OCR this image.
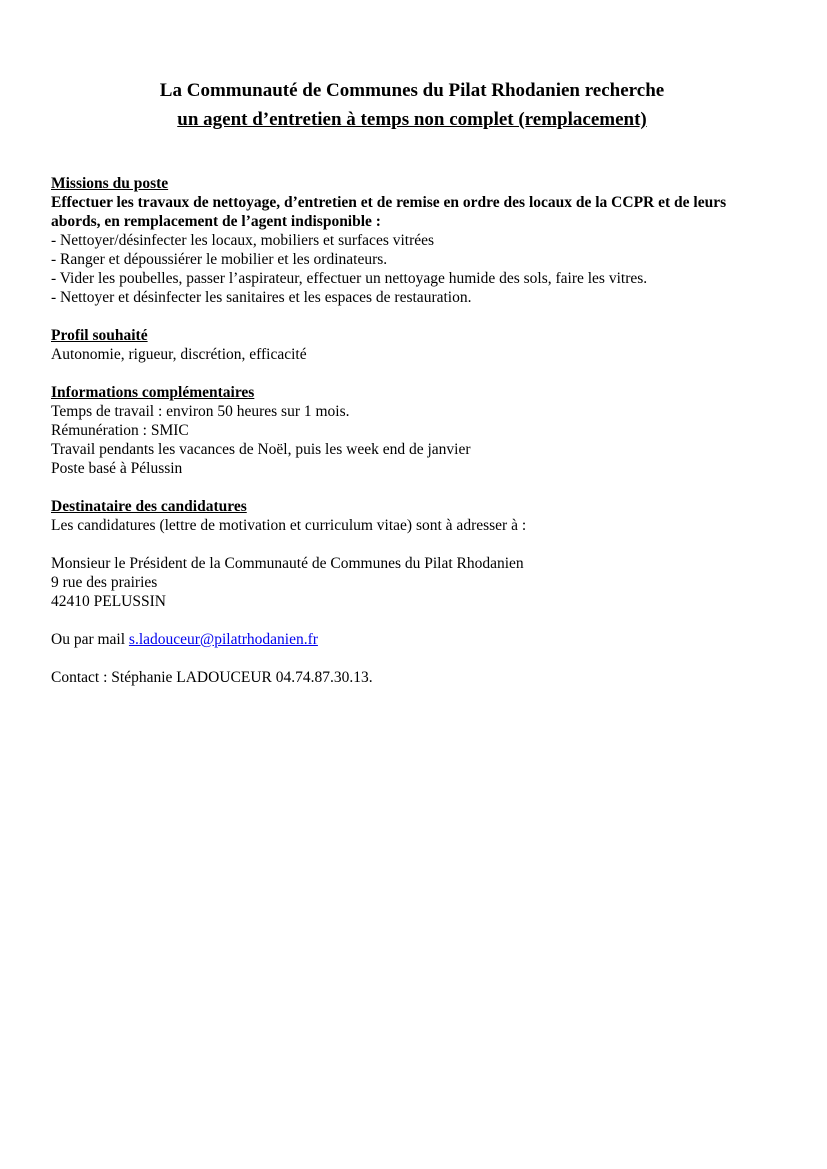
La Communauté de Communes du Pilat Rhodanien recherche
un agent d’entretien à temps non complet (remplacement)

Missions du poste

Effectuer les travaux de nettoyage, d’entretien et de remise en ordre des locaux de la CCPR et de leurs abords, en remplacement de l’agent indisponible :

- Nettoyer/désinfecter les locaux, mobiliers et surfaces vitrées

- Ranger et dépoussiérer le mobilier et les ordinateurs.

- Vider les poubelles, passer l’aspirateur, effectuer un nettoyage humide des sols, faire les vitres.

- Nettoyer et désinfecter les sanitaires et les espaces de restauration.

Profil souhaité

Autonomie, rigueur, discrétion, efficacité

Informations complémentaires

Temps de travail : environ 50 heures sur 1 mois.

Rémunération : SMIC

Travail pendants les vacances de Noël, puis les week end de janvier

Poste basé à Pélussin

Destinataire des candidatures

Les candidatures (lettre de motivation et curriculum vitae) sont à adresser à :

Monsieur le Président de la Communauté de Communes du Pilat Rhodanien

9 rue des prairies

42410 PELUSSIN

Ou par mail s.ladouceur@pilatrhodanien.fr

Contact : Stéphanie LADOUCEUR 04.74.87.30.13.
